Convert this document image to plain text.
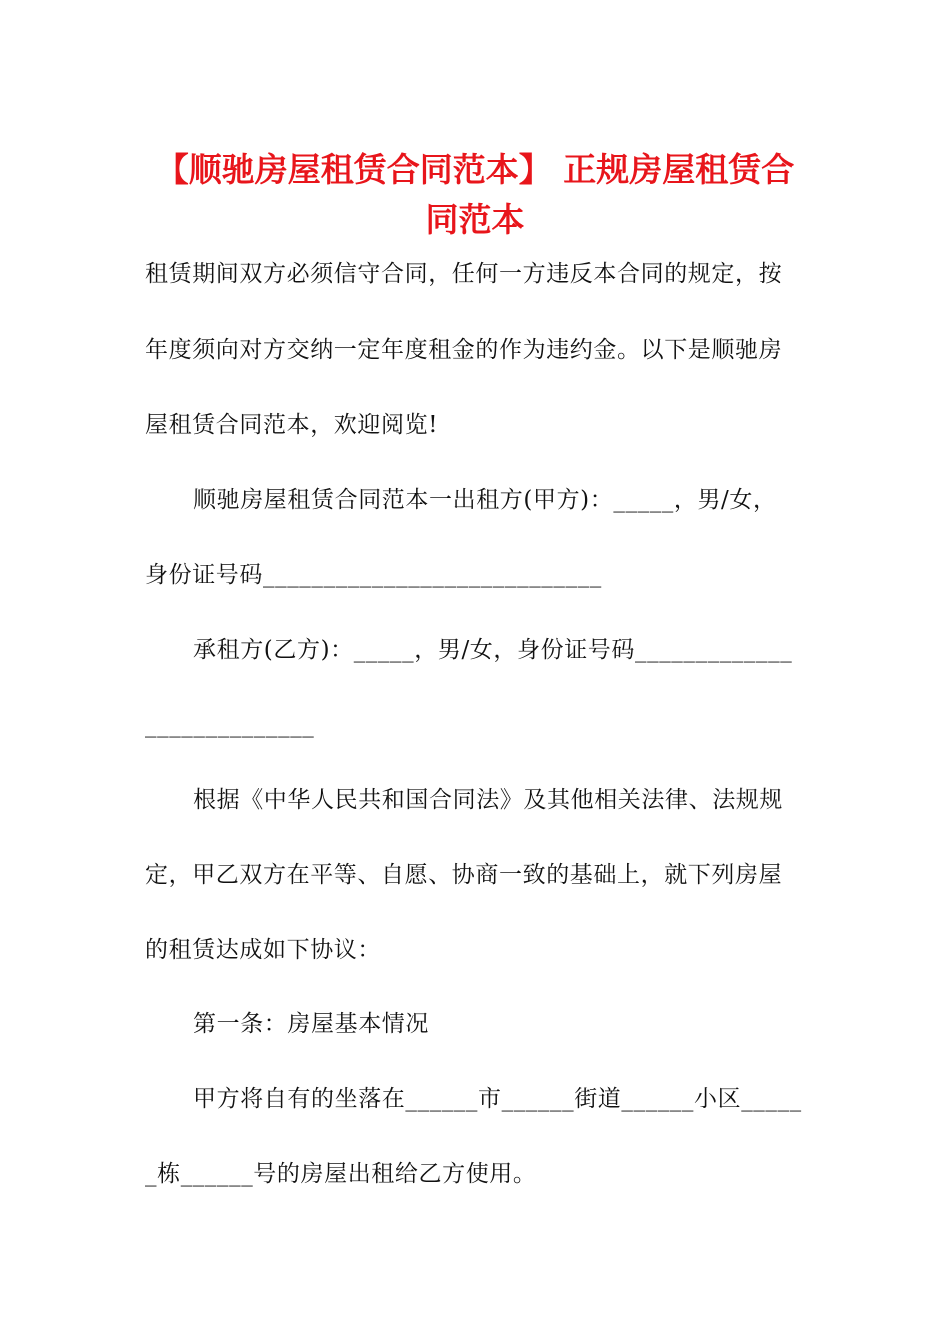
【顺驰房屋租赁合同范本】 正规房屋租赁合
同范本

租赁期间双方必须信守合同，任何一方违反本合同的规定，按

年度须向对方交纳一定年度租金的作为违约金。以下是顺驰房

屋租赁合同范本，欢迎阅览!

顺驰房屋租赁合同范本一出租方(甲方)：_____，男/女，

身份证号码____________________________

承租方(乙方)：_____，男/女，身份证号码_____________

______________

根据《中华人民共和国合同法》及其他相关法律、法规规

定，甲乙双方在平等、自愿、协商一致的基础上，就下列房屋

的租赁达成如下协议：

第一条：房屋基本情况

甲方将自有的坐落在______市______街道______小区_____

_栋______号的房屋出租给乙方使用。
